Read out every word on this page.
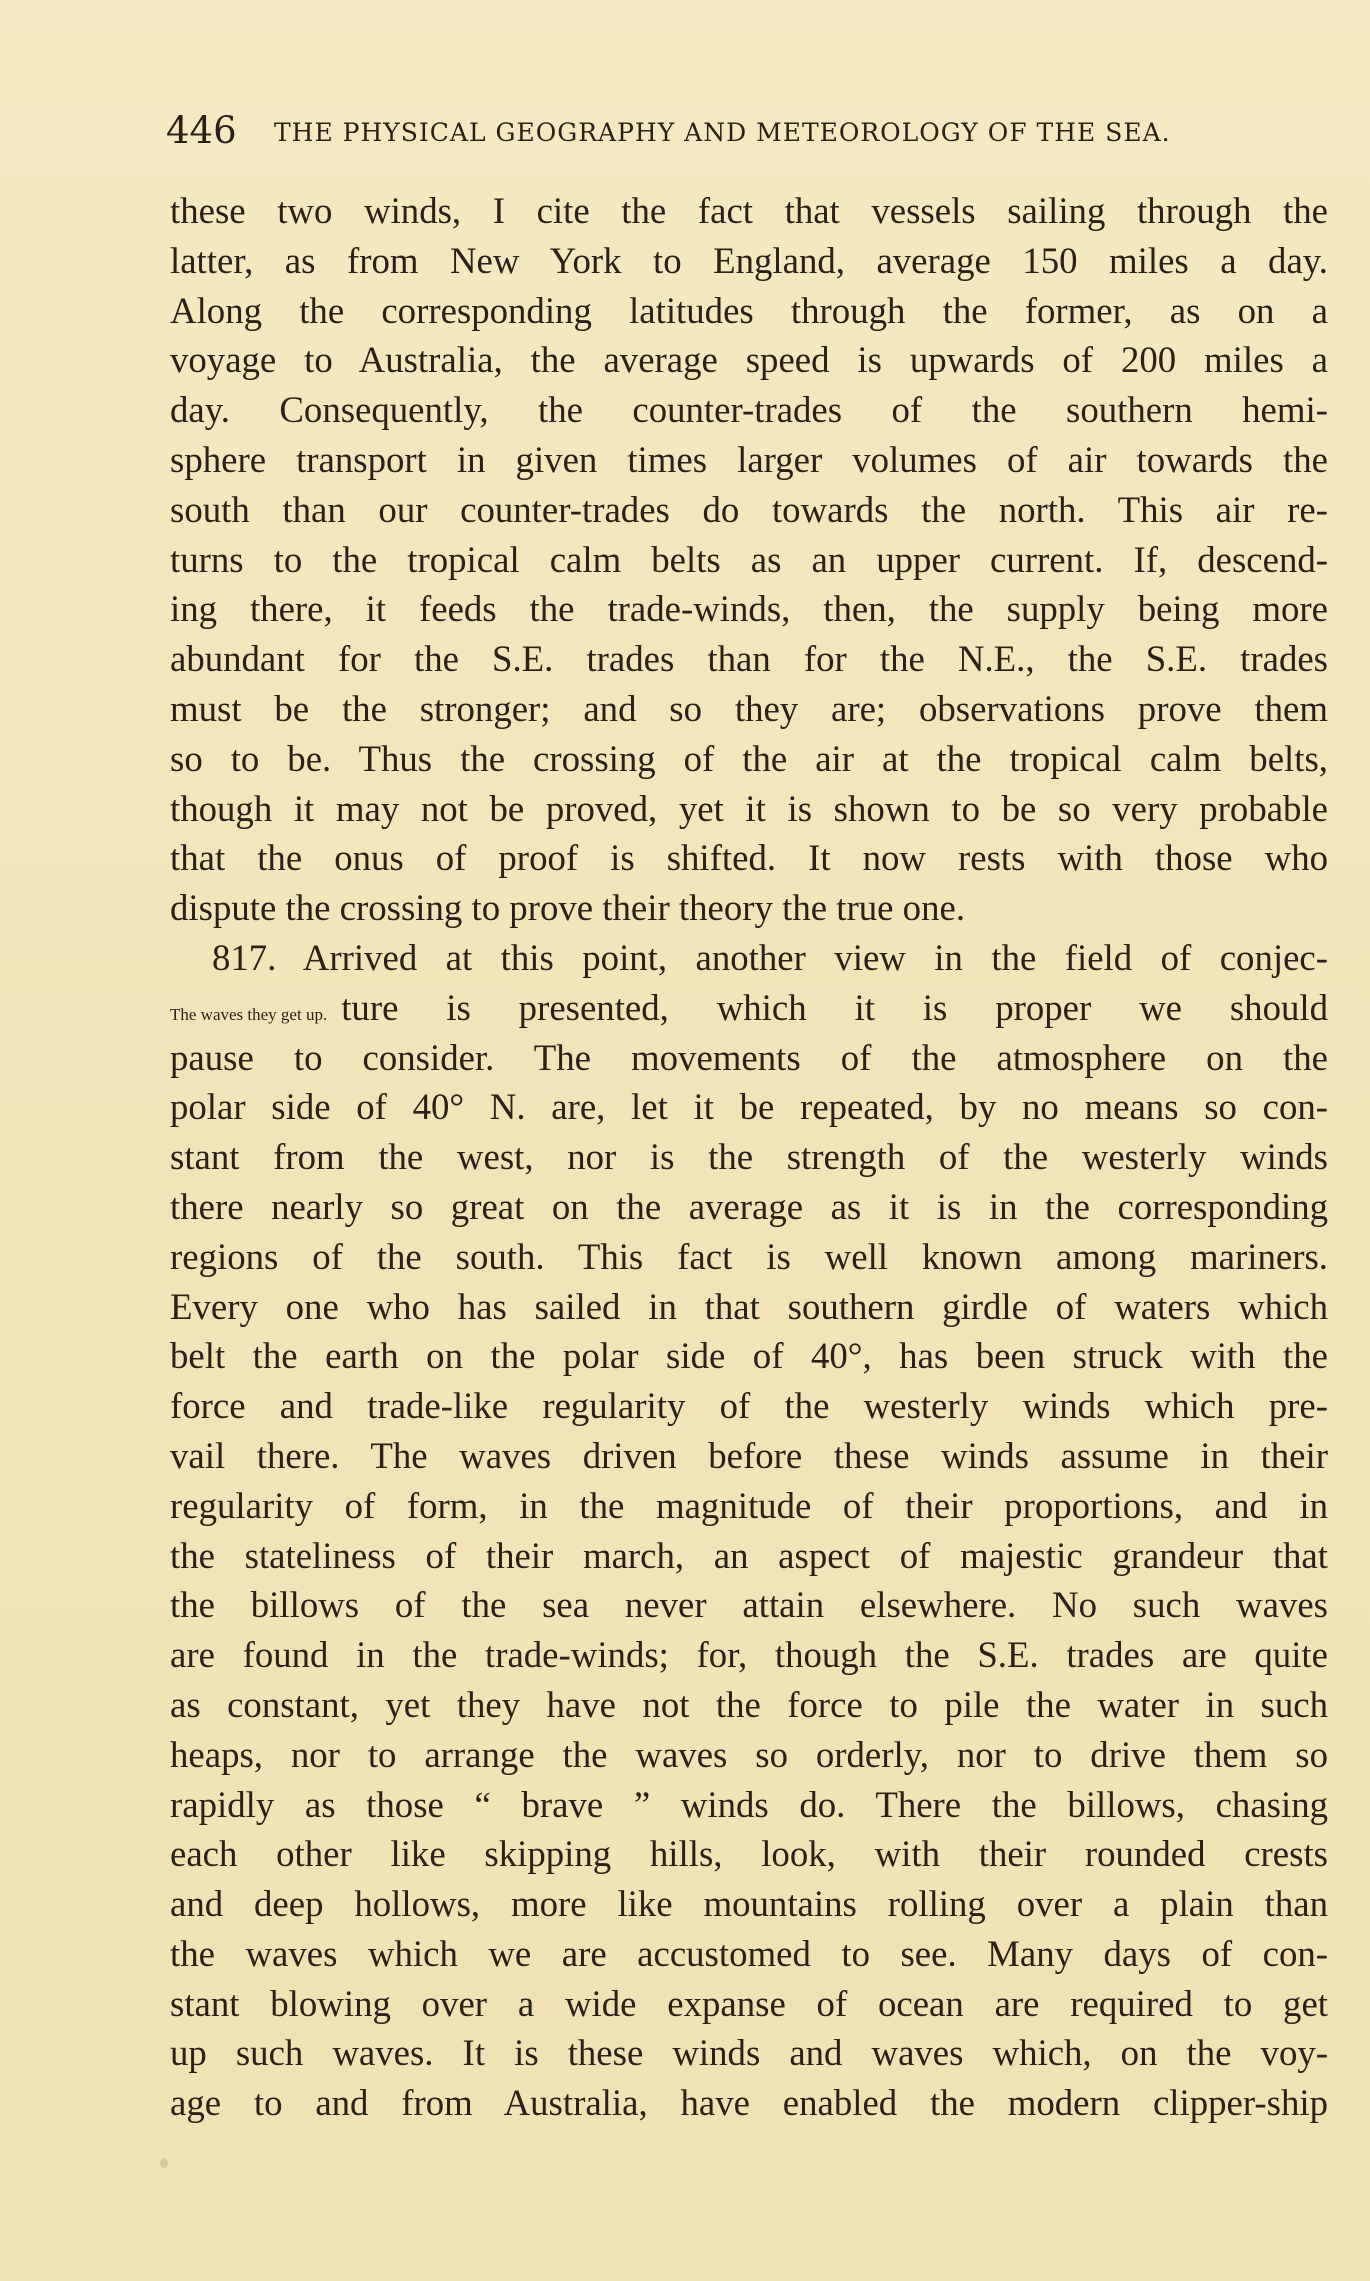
446 THE PHYSICAL GEOGRAPHY AND METEOROLOGY OF THE SEA.
these two winds, I cite the fact that vessels sailing through the
latter, as from New York to England, average 150 miles a day.
Along the corresponding latitudes through the former, as on a
voyage to Australia, the average speed is upwards of 200 miles a
day. Consequently, the counter-trades of the southern hemi-
sphere transport in given times larger volumes of air towards the
south than our counter-trades do towards the north. This air re-
turns to the tropical calm belts as an upper current. If, descend-
ing there, it feeds the trade-winds, then, the supply being more
abundant for the S.E. trades than for the N.E., the S.E. trades
must be the stronger; and so they are; observations prove them
so to be. Thus the crossing of the air at the tropical calm belts,
though it may not be proved, yet it is shown to be so very probable
that the onus of proof is shifted. It now rests with those who
dispute the crossing to prove their theory the true one.
817. Arrived at this point, another view in the field of conjec-
The waves they get up. ture is presented, which it is proper we should
pause to consider. The movements of the atmosphere on the
polar side of 40° N. are, let it be repeated, by no means so con-
stant from the west, nor is the strength of the westerly winds
there nearly so great on the average as it is in the corresponding
regions of the south. This fact is well known among mariners.
Every one who has sailed in that southern girdle of waters which
belt the earth on the polar side of 40°, has been struck with the
force and trade-like regularity of the westerly winds which pre-
vail there. The waves driven before these winds assume in their
regularity of form, in the magnitude of their proportions, and in
the stateliness of their march, an aspect of majestic grandeur that
the billows of the sea never attain elsewhere. No such waves
are found in the trade-winds; for, though the S.E. trades are quite
as constant, yet they have not the force to pile the water in such
heaps, nor to arrange the waves so orderly, nor to drive them so
rapidly as those “ brave ” winds do. There the billows, chasing
each other like skipping hills, look, with their rounded crests
and deep hollows, more like mountains rolling over a plain than
the waves which we are accustomed to see. Many days of con-
stant blowing over a wide expanse of ocean are required to get
up such waves. It is these winds and waves which, on the voy-
age to and from Australia, have enabled the modern clipper-ship
